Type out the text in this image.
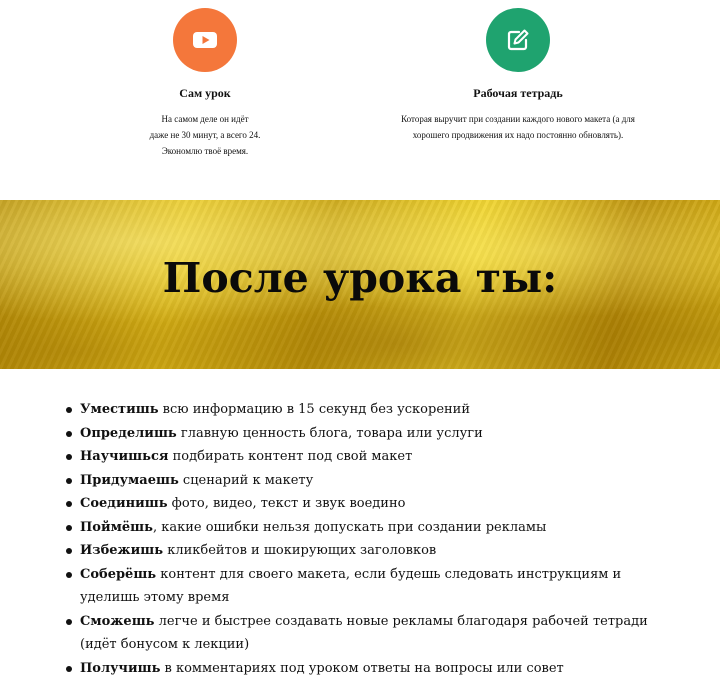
Сам урок
На самом деле он идёт
даже не 30 минут, а всего 24.
Экономлю твоё время.
Рабочая тетрадь
Которая выручит при создании каждого нового макета (а для
хорошего продвижения их надо постоянно обновлять).
После урока ты:
Уместишь всю информацию в 15 секунд без ускорений
Определишь главную ценность блога, товара или услуги
Научишься подбирать контент под свой макет
Придумаешь сценарий к макету
Соединишь фото, видео, текст и звук воедино
Поймёшь, какие ошибки нельзя допускать при создании рекламы
Избежишь кликбейтов и шокирующих заголовков
Соберёшь контент для своего макета, если будешь следовать инструкциям и уделишь этому время
Сможешь легче и быстрее создавать новые рекламы благодаря рабочей тетради (идёт бонусом к лекции)
Получишь в комментариях под уроком ответы на вопросы или совет
